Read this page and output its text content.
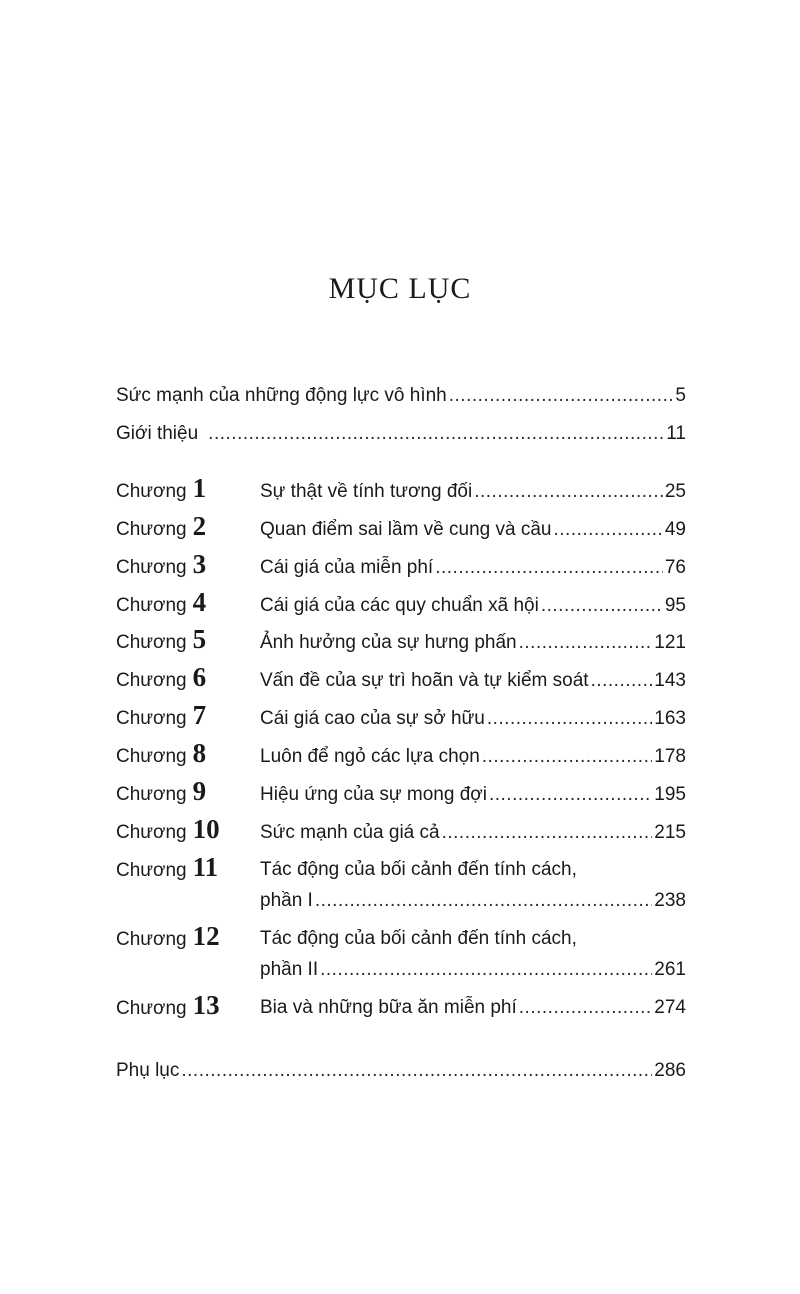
MỤC LỤC
Sức mạnh của những động lực vô hình .....	5
Giới thiệu .....	11
Chương 1	Sự thật về tính tương đối .....	25
Chương 2	Quan điểm sai lầm về cung và cầu .....	49
Chương 3	Cái giá của miễn phí .....	76
Chương 4	Cái giá của các quy chuẩn xã hội .....	95
Chương 5	Ảnh hưởng của sự hưng phấn .....	121
Chương 6	Vấn đề của sự trì hoãn và tự kiểm soát .....	143
Chương 7	Cái giá cao của sự sở hữu .....	163
Chương 8	Luôn để ngỏ các lựa chọn .....	178
Chương 9	Hiệu ứng của sự mong đợi .....	195
Chương 10 Sức mạnh của giá cả .....	215
Chương 11 Tác động của bối cảnh đến tính cách,
phần I .....	238
Chương 12 Tác động của bối cảnh đến tính cách,
phần II .....	261
Chương 13 Bia và những bữa ăn miễn phí .....	274
Phụ lục .....	286
